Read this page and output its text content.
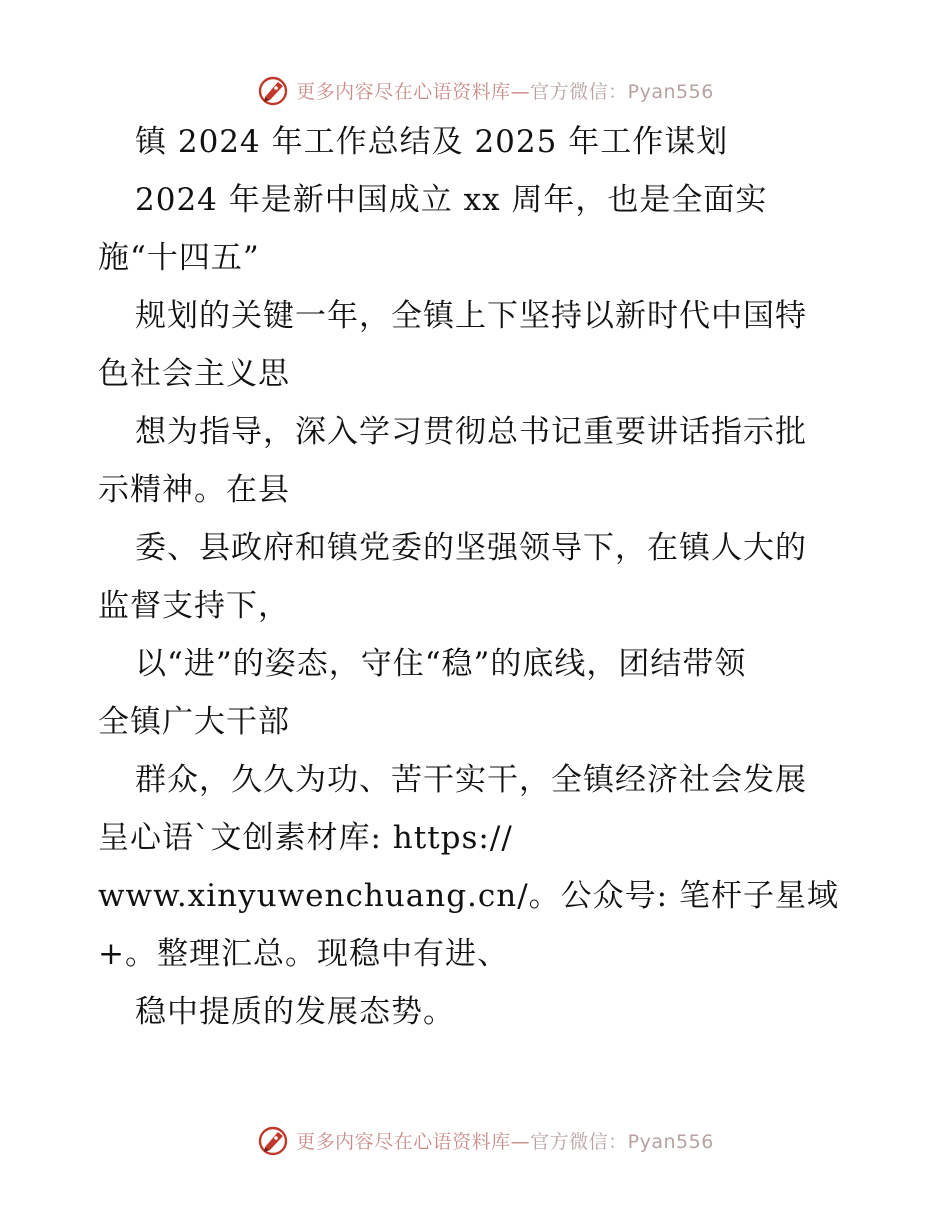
更多内容尽在心语资料库—官方微信：Pyan556
镇 2024 年工作总结及 2025 年工作谋划
2024 年是新中国成立 xx 周年，也是全面实
施“十四五”
规划的关键一年，全镇上下坚持以新时代中国特
色社会主义思
想为指导，深入学习贯彻总书记重要讲话指示批
示精神。在县
委、县政府和镇党委的坚强领导下，在镇人大的
监督支持下，
以“进”的姿态，守住“稳”的底线，团结带领
全镇广大干部
群众，久久为功、苦干实干，全镇经济社会发展
呈心语`文创素材库: https://
www.xinyuwenchuang.cn/。公众号: 笔杆子星域
+。整理汇总。现稳中有进、
稳中提质的发展态势。
更多内容尽在心语资料库—官方微信：Pyan556
